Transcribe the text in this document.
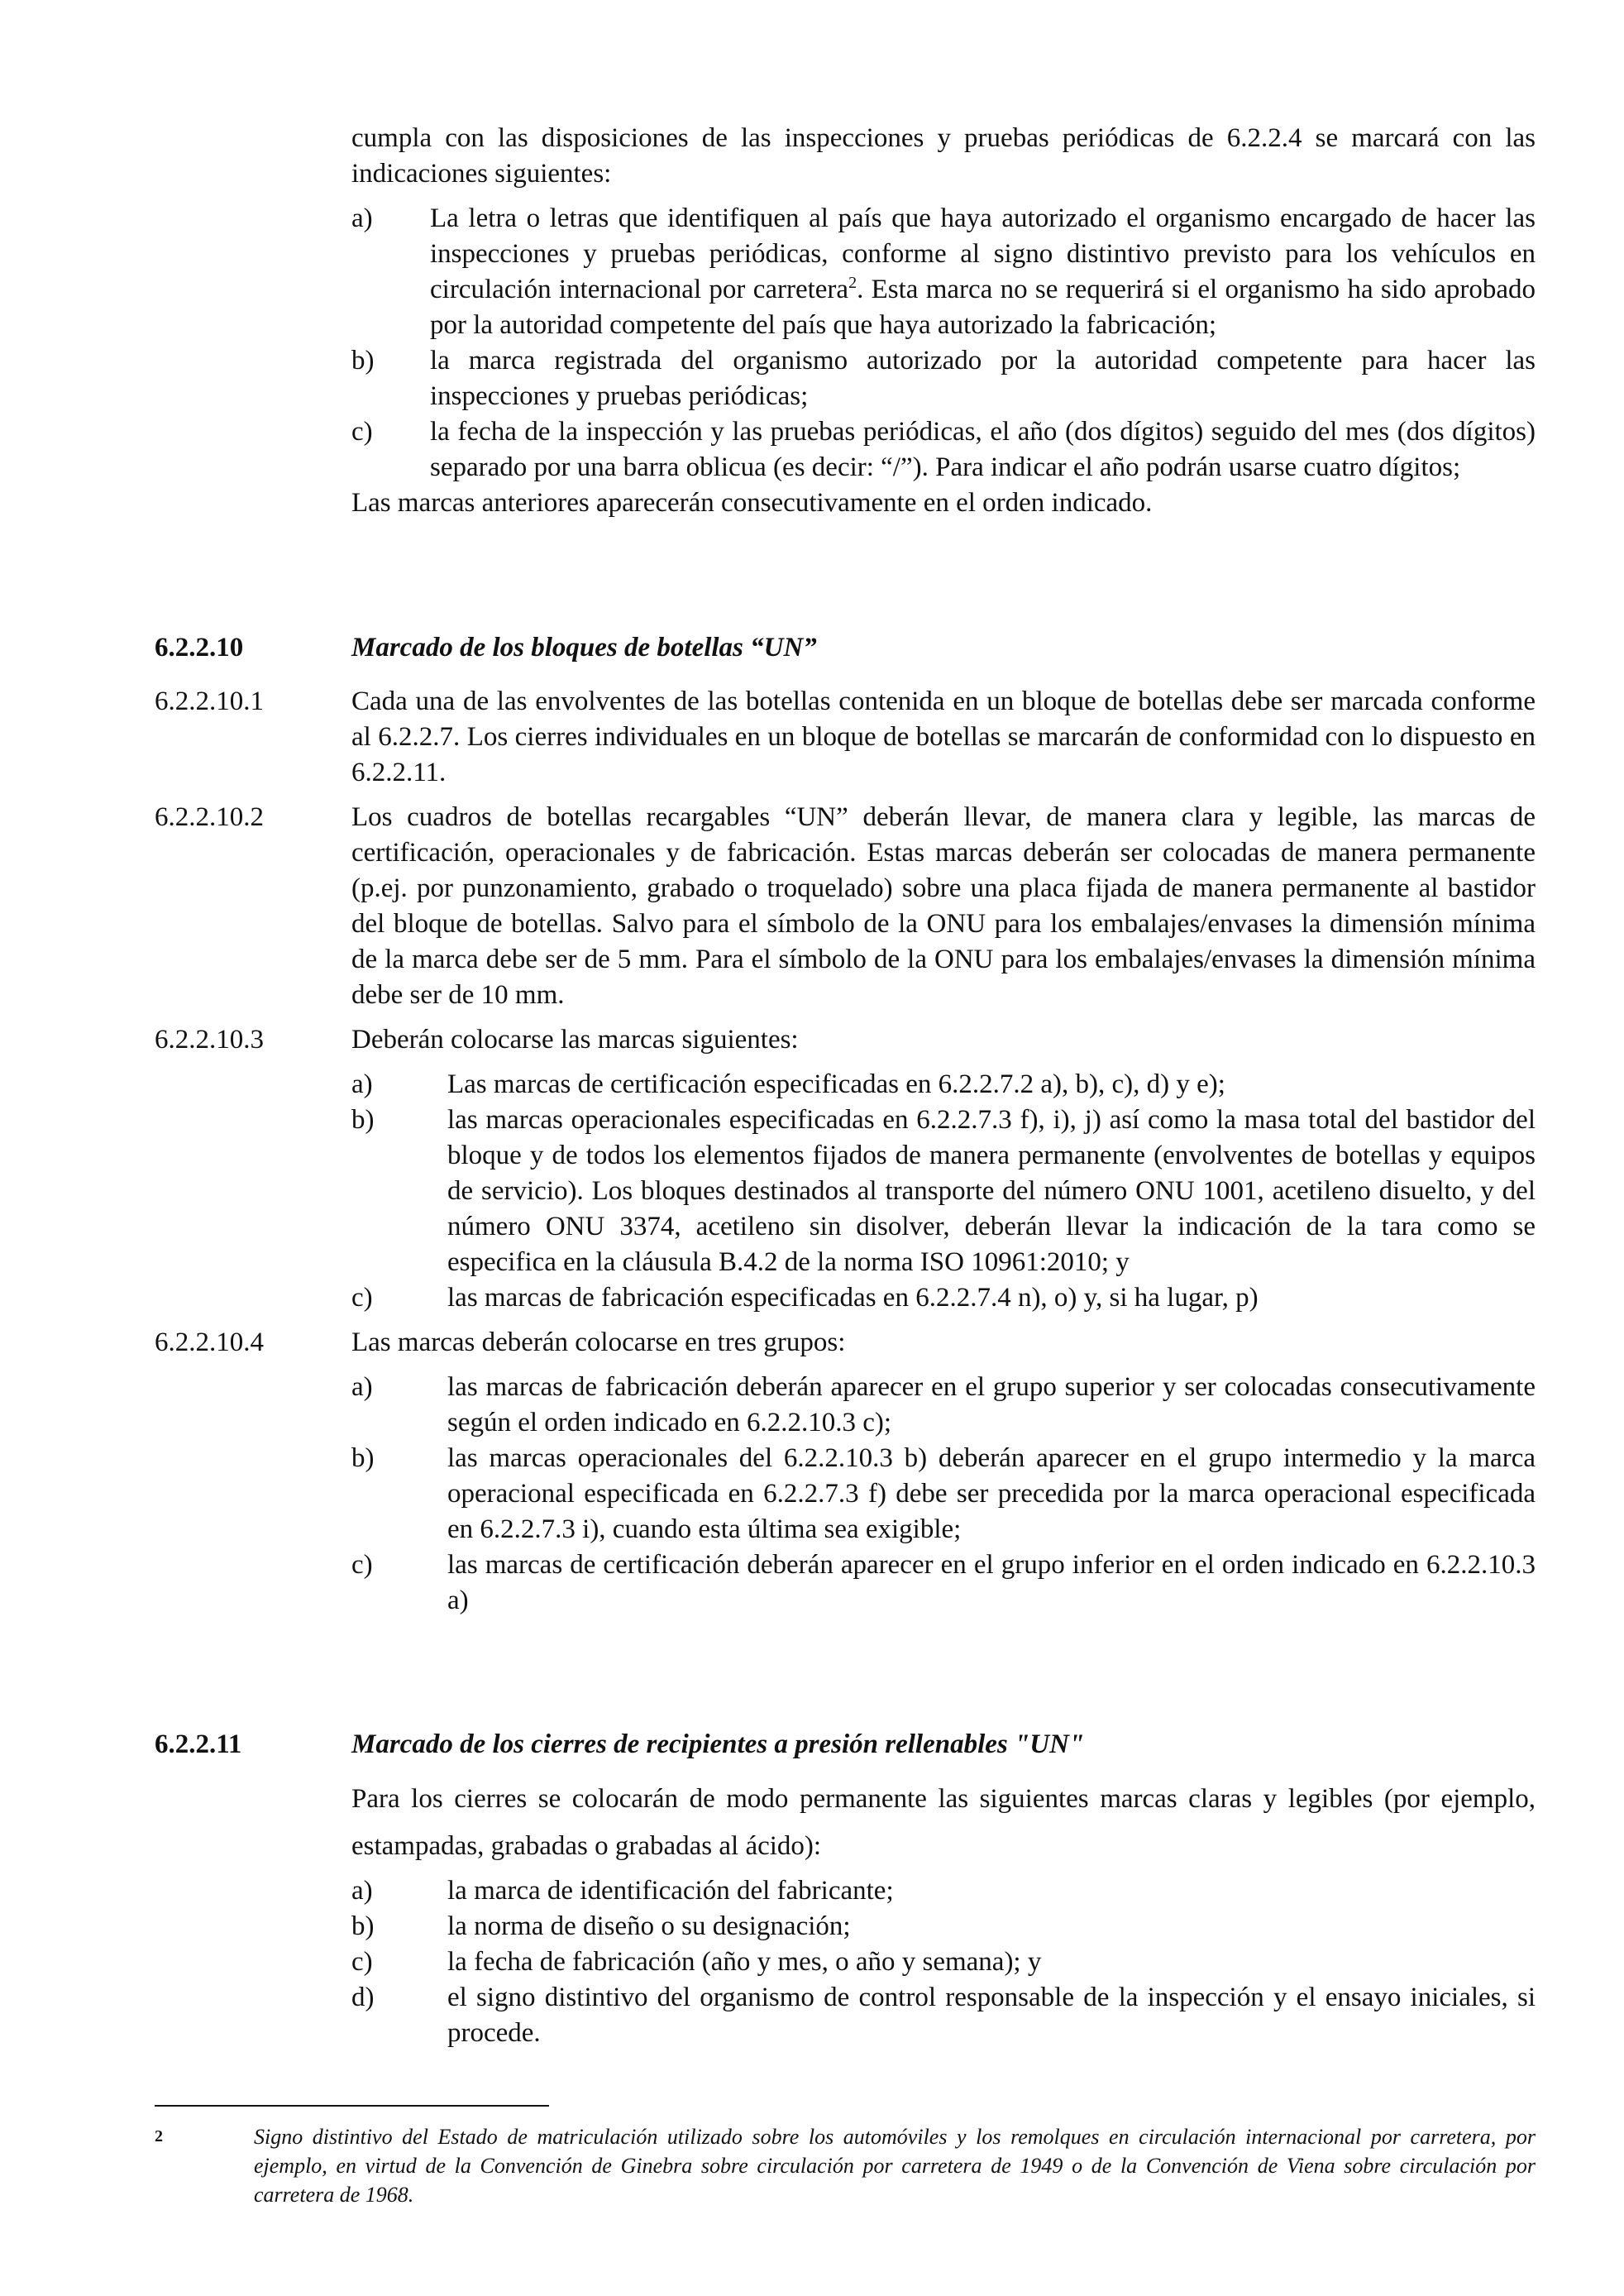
cumpla con las disposiciones de las inspecciones y pruebas periódicas de 6.2.2.4 se marcará con las indicaciones siguientes:
a)	La letra o letras que identifiquen al país que haya autorizado el organismo encargado de hacer las inspecciones y pruebas periódicas, conforme al signo distintivo previsto para los vehículos en circulación internacional por carretera$^2$. Esta marca no se requerirá si el organismo ha sido aprobado por la autoridad competente del país que haya autorizado la fabricación;
b)	la marca registrada del organismo autorizado por la autoridad competente para hacer las inspecciones y pruebas periódicas;
c)	la fecha de la inspección y las pruebas periódicas, el año (dos dígitos) seguido del mes (dos dígitos) separado por una barra oblicua (es decir: “/”). Para indicar el año podrán usarse cuatro dígitos;
Las marcas anteriores aparecerán consecutivamente en el orden indicado.
6.2.2.10	Marcado de los bloques de botellas “UN”
6.2.2.10.1	Cada una de las envolventes de las botellas contenida en un bloque de botellas debe ser marcada conforme al 6.2.2.7. Los cierres individuales en un bloque de botellas se marcarán de conformidad con lo dispuesto en 6.2.2.11.
6.2.2.10.2	Los cuadros de botellas recargables “UN” deberán llevar, de manera clara y legible, las marcas de certificación, operacionales y de fabricación. Estas marcas deberán ser colocadas de manera permanente (p.ej. por punzonamiento, grabado o troquelado) sobre una placa fijada de manera permanente al bastidor del bloque de botellas. Salvo para el símbolo de la ONU para los embalajes/envases la dimensión mínima de la marca debe ser de 5 mm. Para el símbolo de la ONU para los embalajes/envases la dimensión mínima debe ser de 10 mm.
6.2.2.10.3	Deberán colocarse las marcas siguientes:
a)	Las marcas de certificación especificadas en 6.2.2.7.2 a), b), c), d) y e);
b)	las marcas operacionales especificadas en 6.2.2.7.3 f), i), j) así como la masa total del bastidor del bloque y de todos los elementos fijados de manera permanente (envolventes de botellas y equipos de servicio). Los bloques destinados al transporte del número ONU 1001, acetileno disuelto, y del número ONU 3374, acetileno sin disolver, deberán llevar la indicación de la tara como se especifica en la cláusula B.4.2 de la norma ISO 10961:2010; y
c)	las marcas de fabricación especificadas en 6.2.2.7.4 n), o) y, si ha lugar, p)
6.2.2.10.4	Las marcas deberán colocarse en tres grupos:
a)	las marcas de fabricación deberán aparecer en el grupo superior y ser colocadas consecutivamente según el orden indicado en 6.2.2.10.3 c);
b)	las marcas operacionales del 6.2.2.10.3 b) deberán aparecer en el grupo intermedio y la marca operacional especificada en 6.2.2.7.3 f) debe ser precedida por la marca operacional especificada en 6.2.2.7.3 i), cuando esta última sea exigible;
c)	las marcas de certificación deberán aparecer en el grupo inferior en el orden indicado en 6.2.2.10.3 a)
6.2.2.11	Marcado de los cierres de recipientes a presión rellenables "UN"
Para los cierres se colocarán de modo permanente las siguientes marcas claras y legibles (por ejemplo, estampadas, grabadas o grabadas al ácido):
a)	la marca de identificación del fabricante;
b)	la norma de diseño o su designación;
c)	la fecha de fabricación (año y mes, o año y semana); y
d)	el signo distintivo del organismo de control responsable de la inspección y el ensayo iniciales, si procede.
2	Signo distintivo del Estado de matriculación utilizado sobre los automóviles y los remolques en circulación internacional por carretera, por ejemplo, en virtud de la Convención de Ginebra sobre circulación por carretera de 1949 o de la Convención de Viena sobre circulación por carretera de 1968.
